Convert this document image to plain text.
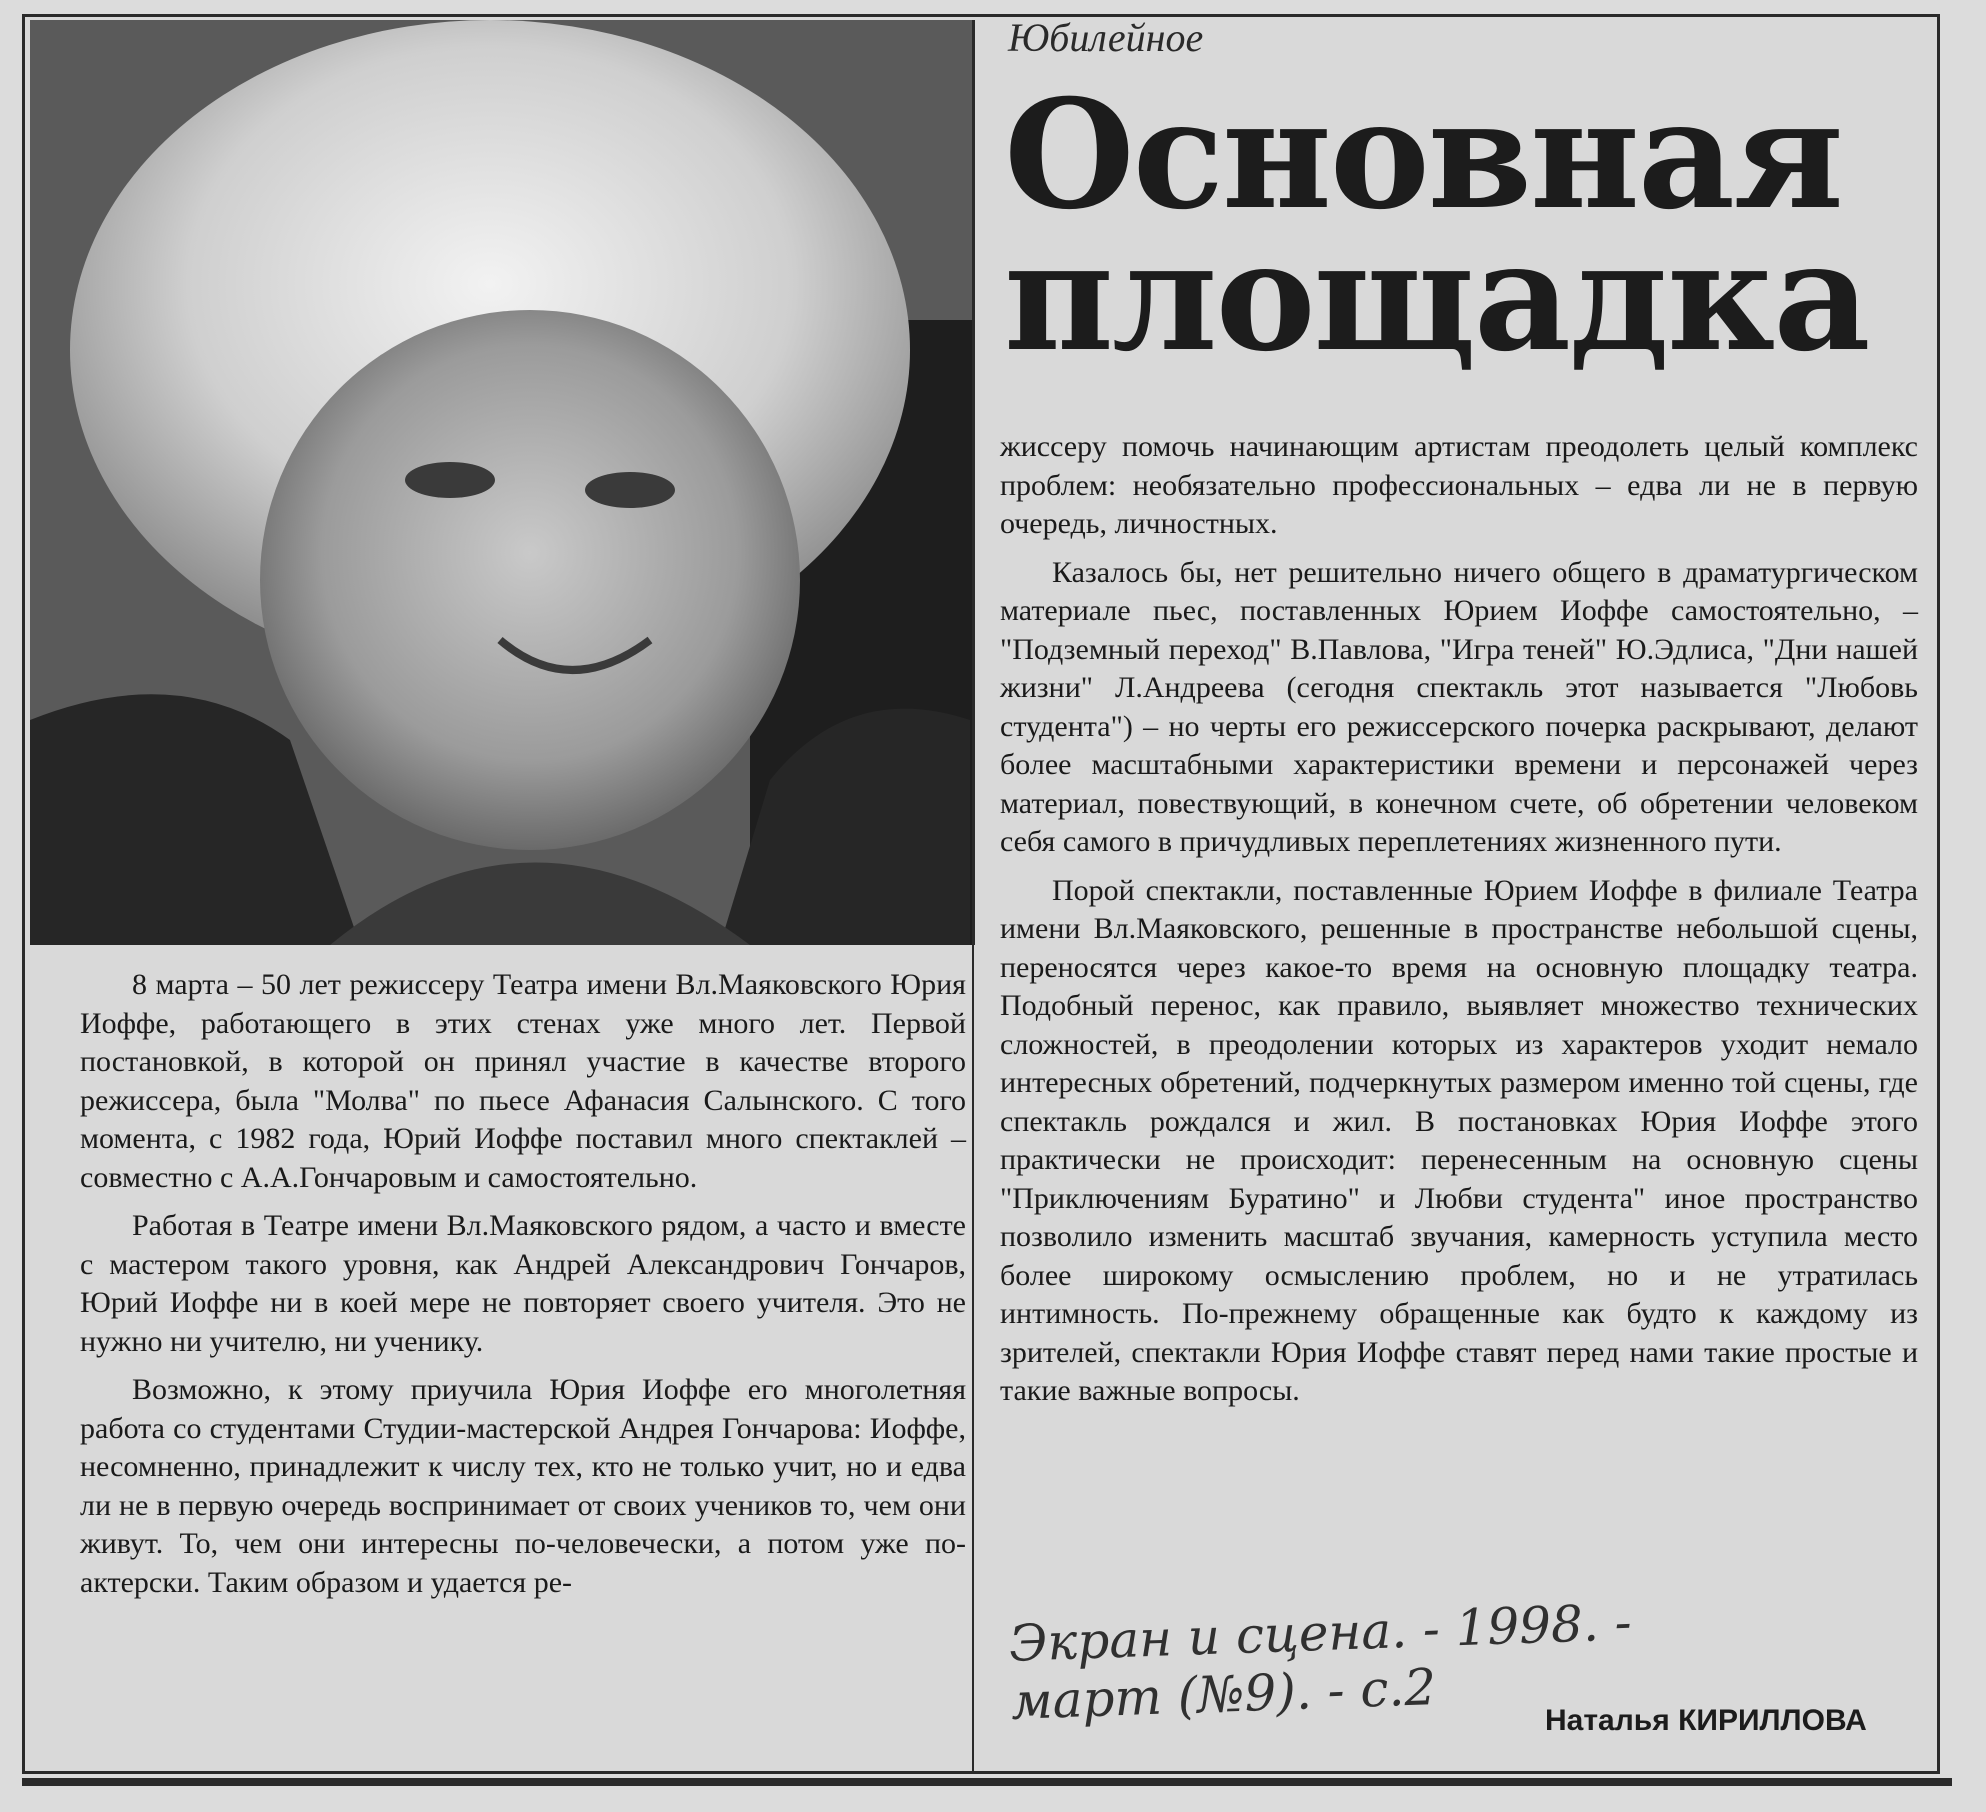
Юбилейное
Основная
площадка

8 марта – 50 лет режиссеру Театра имени Вл.Маяковского Юрия Иоффе, работающего в этих стенах уже много лет. Первой постановкой, в которой он принял участие в качестве второго режиссера, была "Молва" по пьесе Афанасия Салынского. С того момента, с 1982 года, Юрий Иоффе поставил много спектаклей – совместно с А.А.Гончаровым и самостоятельно.

Работая в Театре имени Вл.Маяковского рядом, а часто и вместе с мастером такого уровня, как Андрей Александрович Гончаров, Юрий Иоффе ни в коей мере не повторяет своего учителя. Это не нужно ни учителю, ни ученику.

Возможно, к этому приучила Юрия Иоффе его многолетняя работа со студентами Студии-мастерской Андрея Гончарова: Иоффе, несомненно, принадлежит к числу тех, кто не только учит, но и едва ли не в первую очередь воспринимает от своих учеников то, чем они живут. То, чем они интересны по-человечески, а потом уже по-актерски. Таким образом и удается ре-

жиссеру помочь начинающим артистам преодолеть целый комплекс проблем: необязательно профессиональных – едва ли не в первую очередь, личностных.

Казалось бы, нет решительно ничего общего в драматургическом материале пьес, поставленных Юрием Иоффе самостоятельно, – "Подземный переход" В.Павлова, "Игра теней" Ю.Эдлиса, "Дни нашей жизни" Л.Андреева (сегодня спектакль этот называется "Любовь студента") – но черты его режиссерского почерка раскрывают, делают более масштабными характеристики времени и персонажей через материал, повествующий, в конечном счете, об обретении человеком себя самого в причудливых переплетениях жизненного пути.

Порой спектакли, поставленные Юрием Иоффе в филиале Театра имени Вл.Маяковского, решенные в пространстве небольшой сцены, переносятся через какое-то время на основную площадку театра. Подобный перенос, как правило, выявляет множество технических сложностей, в преодолении которых из характеров уходит немало интересных обретений, подчеркнутых размером именно той сцены, где спектакль рождался и жил. В постановках Юрия Иоффе этого практически не происходит: перенесенным на основную сцены "Приключениям Буратино" и Любви студента" иное пространство позволило изменить масштаб звучания, камерность уступила место более широкому осмыслению проблем, но и не утратилась интимность. По-прежнему обращенные как будто к каждому из зрителей, спектакли Юрия Иоффе ставят перед нами такие простые и такие важные вопросы.

Экран и сцена. - 1998. -
март (№9). - с.2	Наталья КИРИЛЛОВА
